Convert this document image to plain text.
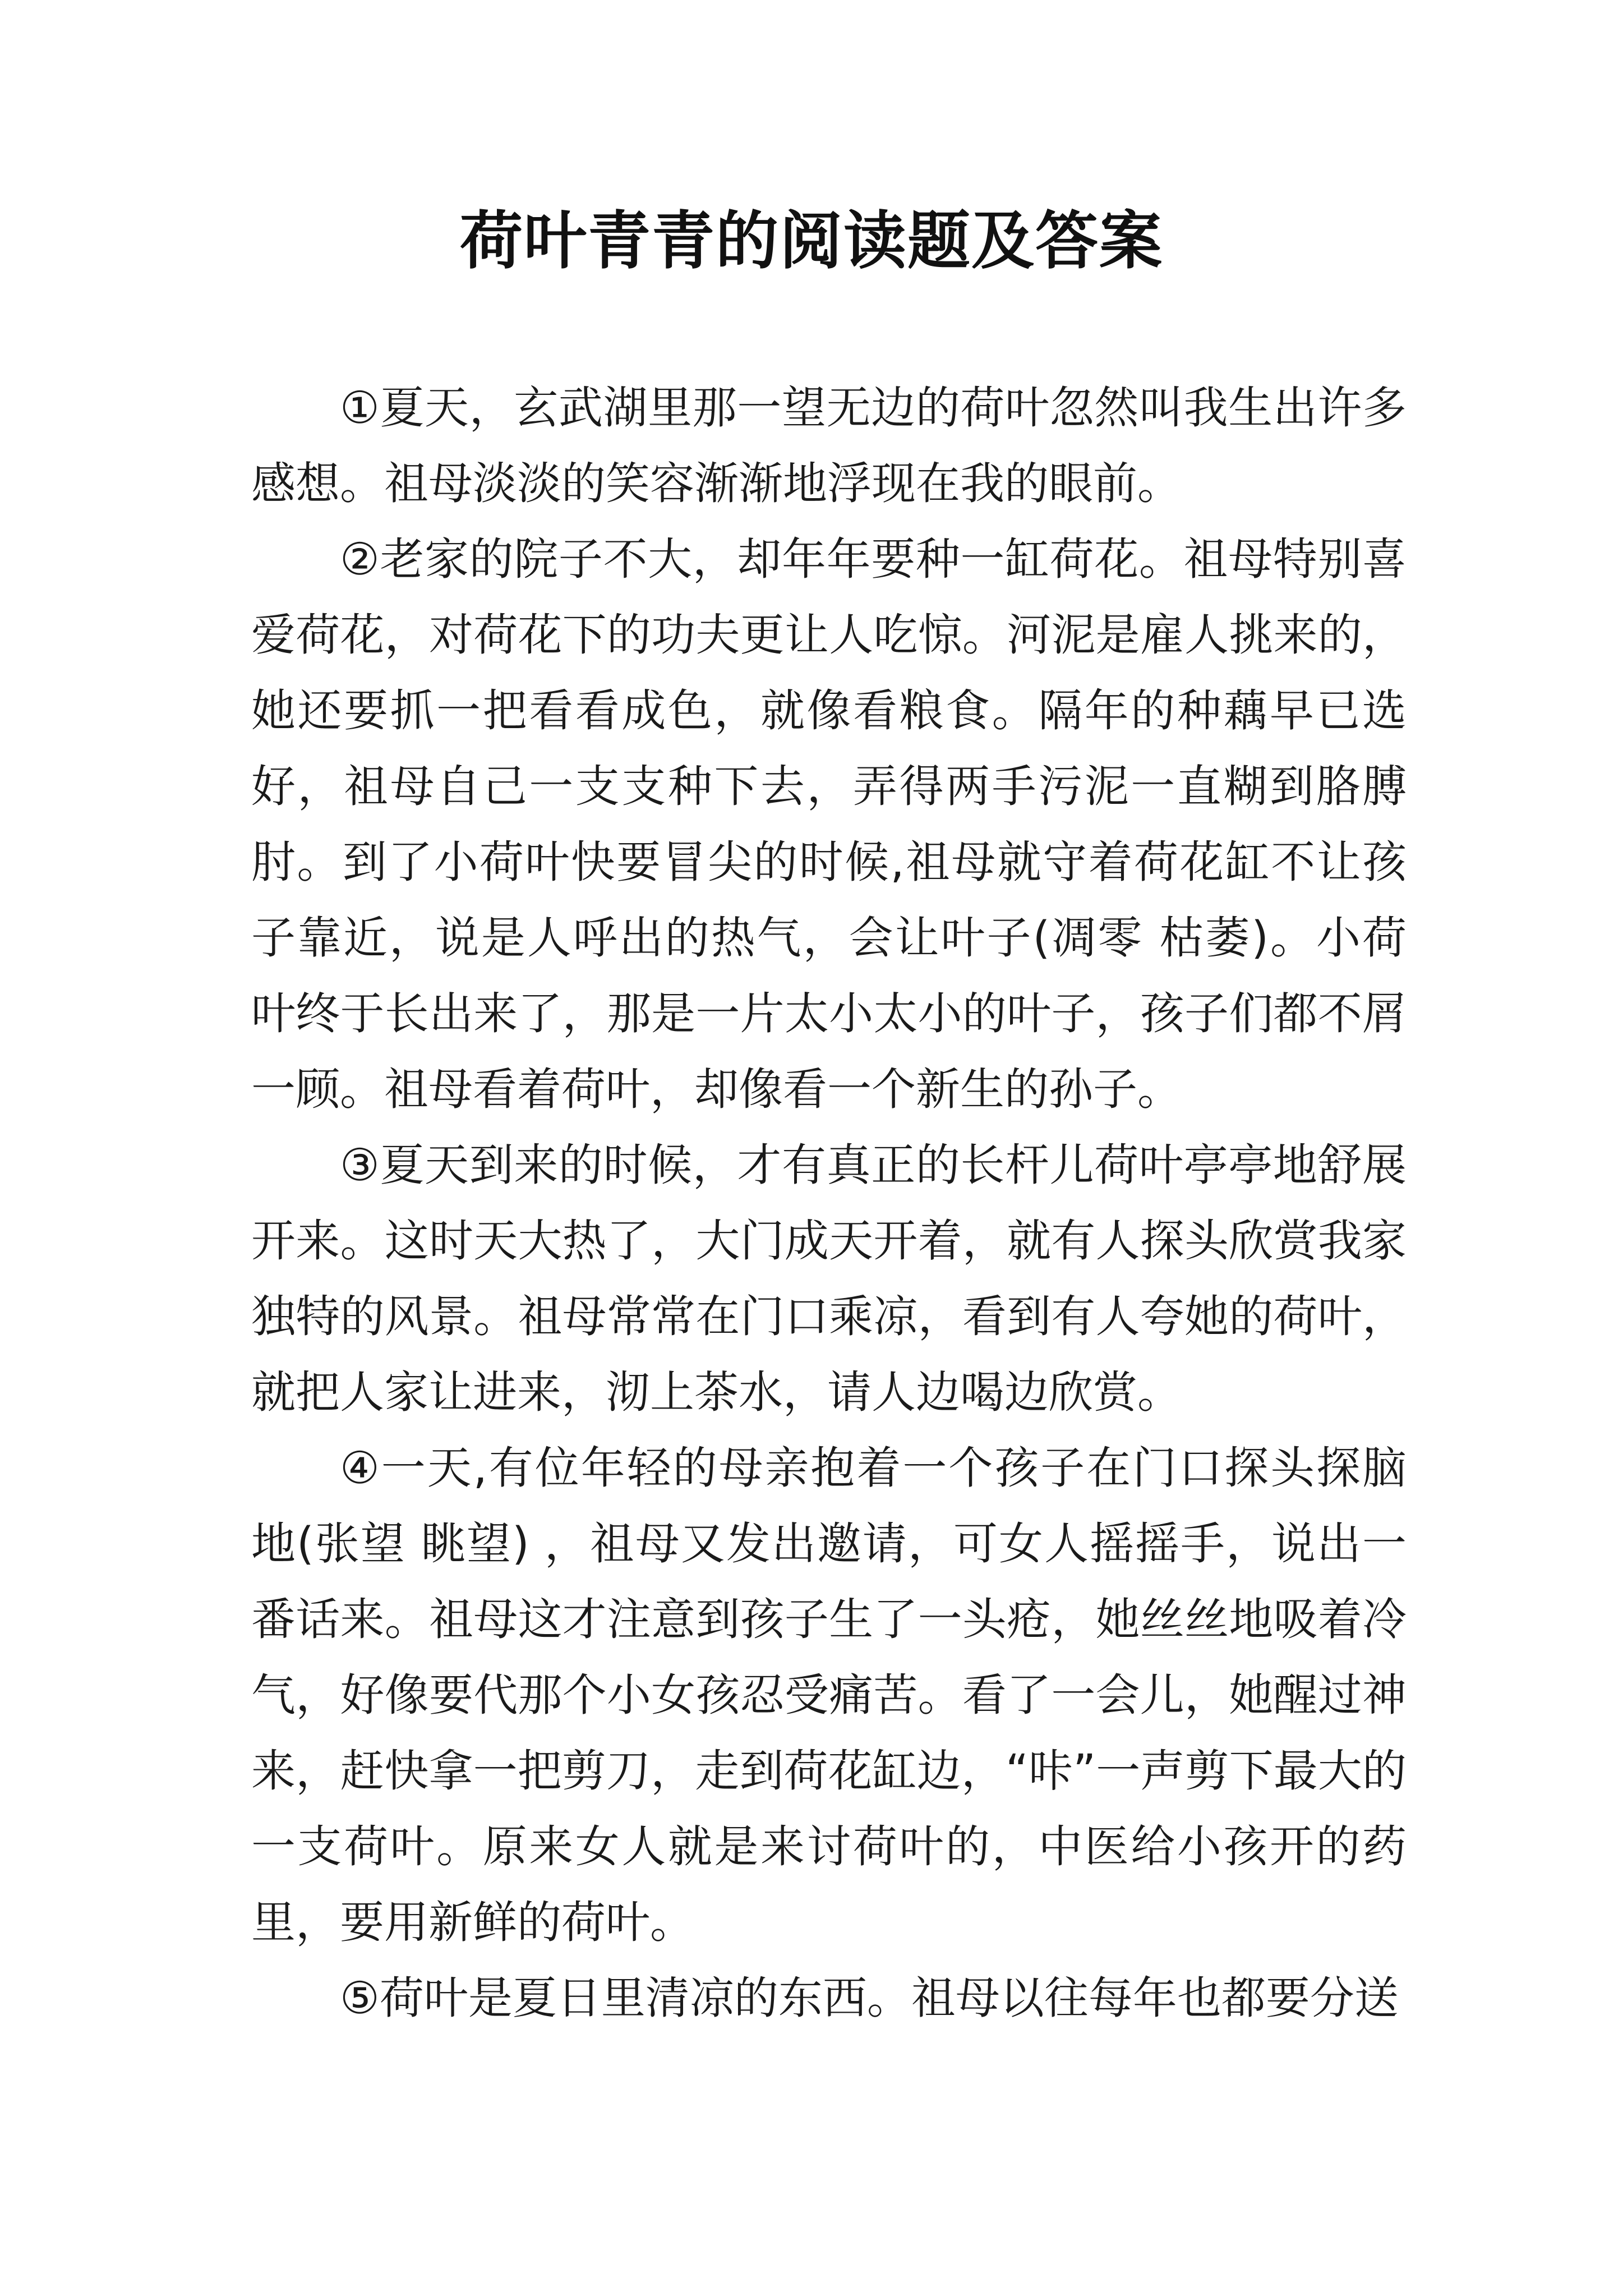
荷叶青青的阅读题及答案

①夏天，玄武湖里那一望无边的荷叶忽然叫我生出许多感想。祖母淡淡的笑容渐渐地浮现在我的眼前。

②老家的院子不大，却年年要种一缸荷花。祖母特别喜爱荷花，对荷花下的功夫更让人吃惊。河泥是雇人挑来的，她还要抓一把看看成色，就像看粮食。隔年的种藕早已选好，祖母自己一支支种下去，弄得两手污泥一直糊到胳膊肘。到了小荷叶快要冒尖的时候,祖母就守着荷花缸不让孩子靠近，说是人呼出的热气，会让叶子(凋零 枯萎)。小荷叶终于长出来了，那是一片太小太小的叶子，孩子们都不屑一顾。祖母看着荷叶，却像看一个新生的孙子。

③夏天到来的时候，才有真正的长杆儿荷叶亭亭地舒展开来。这时天大热了，大门成天开着，就有人探头欣赏我家独特的风景。祖母常常在门口乘凉，看到有人夸她的荷叶，就把人家让进来，沏上茶水，请人边喝边欣赏。

④一天,有位年轻的母亲抱着一个孩子在门口探头探脑地(张望 眺望) ，祖母又发出邀请，可女人摇摇手，说出一番话来。祖母这才注意到孩子生了一头疮，她丝丝地吸着冷气，好像要代那个小女孩忍受痛苦。看了一会儿，她醒过神来，赶快拿一把剪刀，走到荷花缸边，“咔”一声剪下最大的一支荷叶。原来女人就是来讨荷叶的，中医给小孩开的药里，要用新鲜的荷叶。

⑤荷叶是夏日里清凉的东西。祖母以往每年也都要分送
